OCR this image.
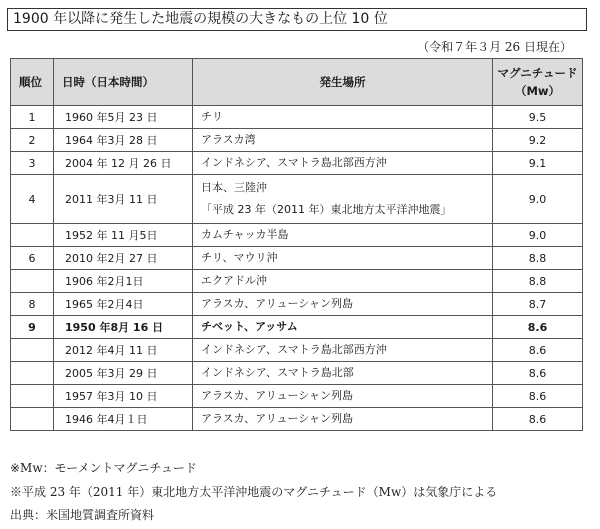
1900 年以降に発生した地震の規模の大きなもの上位 10 位
（令和７年３月 26 日現在）
順位	日時（日本時間）	発生場所	マグニチュード
（Mw）

1	1960 年5月 23 日	チリ	9.5
2	1964 年3月 28 日	アラスカ湾	9.2
3	2004 年 12 月 26 日	インドネシア、スマトラ島北部西方沖	9.1
4	2011 年3月 11 日	日本、三陸沖
「平成 23 年（2011 年）東北地方太平洋沖地震」	9.0
	1952 年 11 月5日	カムチャッカ半島	9.0
6	2010 年2月 27 日	チリ、マウリ沖	8.8
	1906 年2月1日	エクアドル沖	8.8
8	1965 年2月4日	アラスカ、アリューシャン列島	8.7
9	1950 年8月 16 日	チベット、アッサム	8.6
	2012 年4月 11 日	インドネシア、スマトラ島北部西方沖	8.6
	2005 年3月 29 日	インドネシア、スマトラ島北部	8.6
	1957 年3月 10 日	アラスカ、アリューシャン列島	8.6
	1946 年4月１日	アラスカ、アリューシャン列島	8.6
※Mw：モーメントマグニチュード
※平成 23 年（2011 年）東北地方太平洋沖地震のマグニチュード（Mw）は気象庁による
出典：米国地質調査所資料
